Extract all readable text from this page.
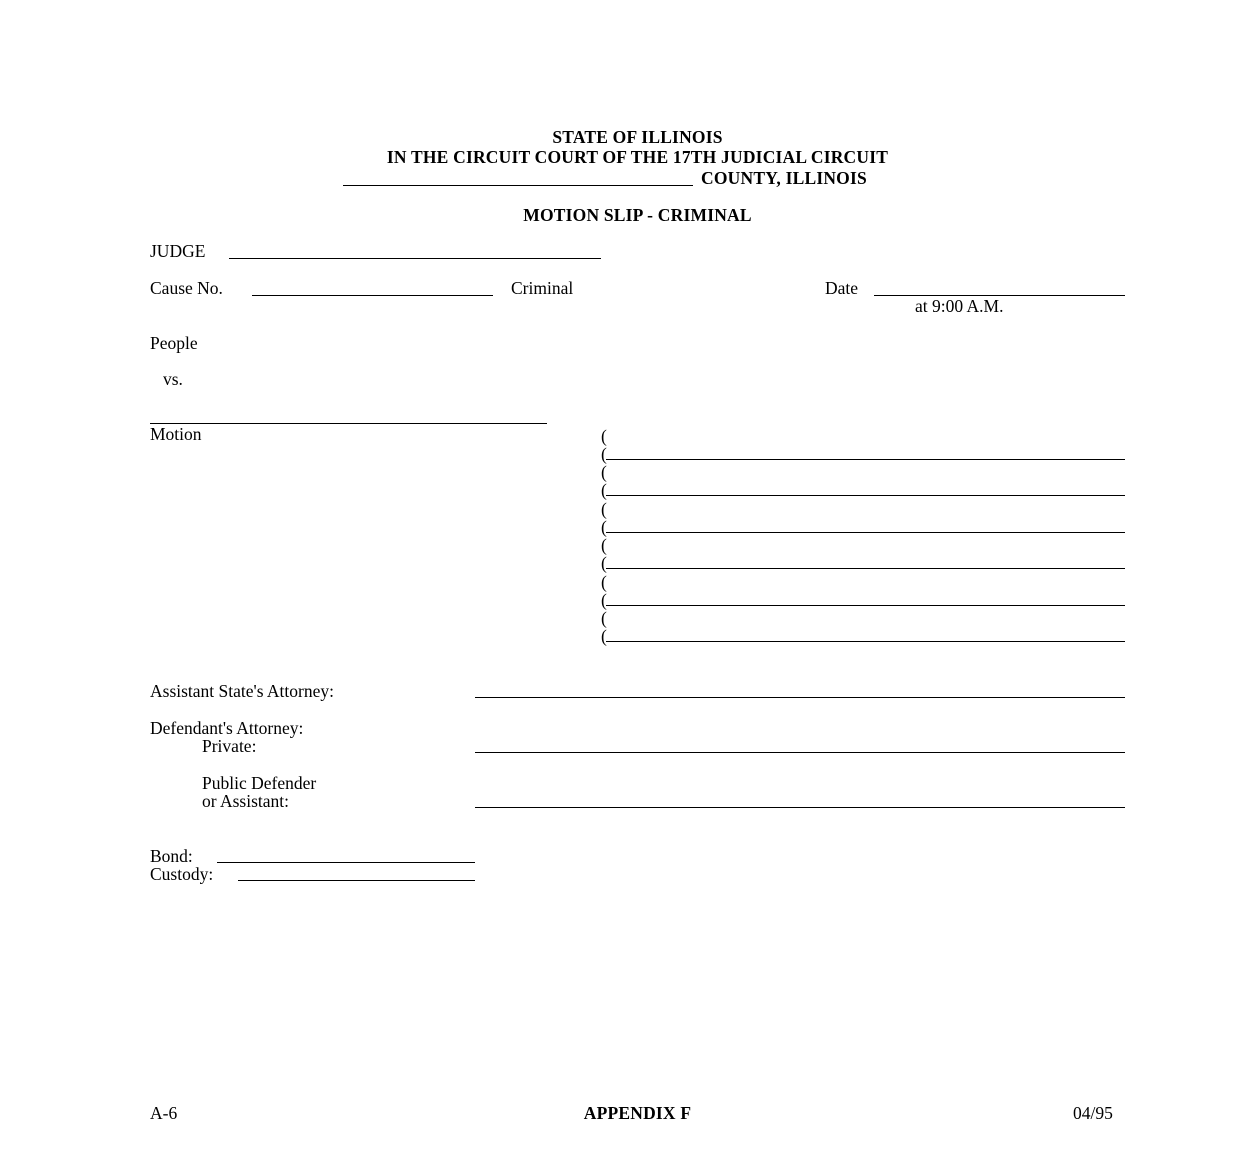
STATE OF ILLINOIS
IN THE CIRCUIT COURT OF THE 17TH JUDICIAL CIRCUIT
COUNTY, ILLINOIS
MOTION SLIP - CRIMINAL
JUDGE
Cause No.	Criminal	Date
at 9:00 A.M.
People
vs.
Motion	(
(
(
(
(
(
(
(
(
(
(
(
Assistant State's Attorney:
Defendant's Attorney:
Private:
Public Defender
or Assistant:
Bond:
Custody:
A-6	APPENDIX F	04/95
